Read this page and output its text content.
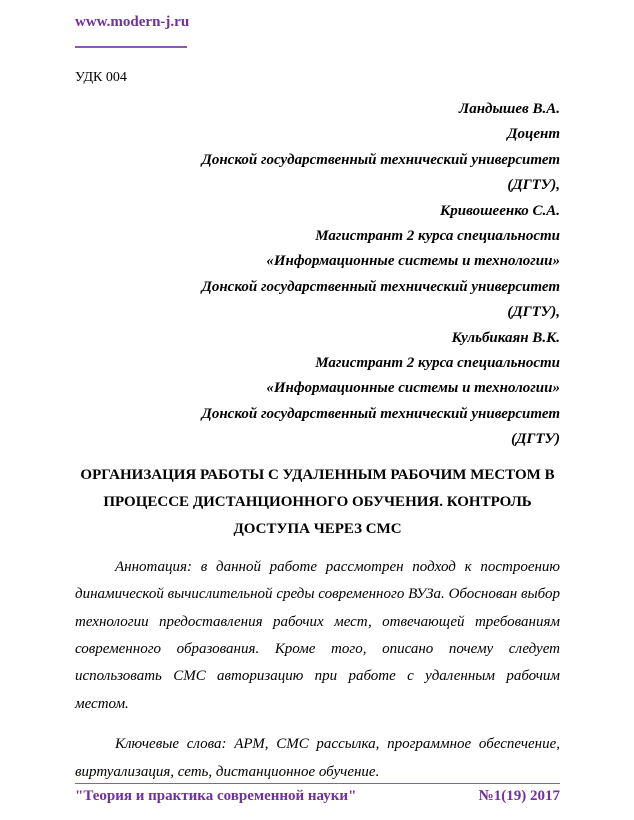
www.modern-j.ru
УДК 004
Ландышев В.А.
Доцент
Донской государственный технический университет
(ДГТУ),
Кривошеенко С.А.
Магистрант 2 курса специальности
«Информационные системы и технологии»
Донской государственный технический университет
(ДГТУ),
Кульбикаян В.К.
Магистрант 2 курса специальности
«Информационные системы и технологии»
Донской государственный технический университет
(ДГТУ)
ОРГАНИЗАЦИЯ РАБОТЫ С УДАЛЕННЫМ РАБОЧИМ МЕСТОМ В ПРОЦЕССЕ ДИСТАНЦИОННОГО ОБУЧЕНИЯ. КОНТРОЛЬ ДОСТУПА ЧЕРЕЗ СМС

Аннотация: в данной работе рассмотрен подход к построению динамической вычислительной среды современного ВУЗа. Обоснован выбор технологии предоставления рабочих мест, отвечающей требованиям современного образования. Кроме того, описано почему следует использовать СМС авторизацию при работе с удаленным рабочим местом.

Ключевые слова: АРМ, СМС рассылка, программное обеспечение, виртуализация, сеть, дистанционное обучение.

"Теория и практика современной науки"	№1(19) 2017
